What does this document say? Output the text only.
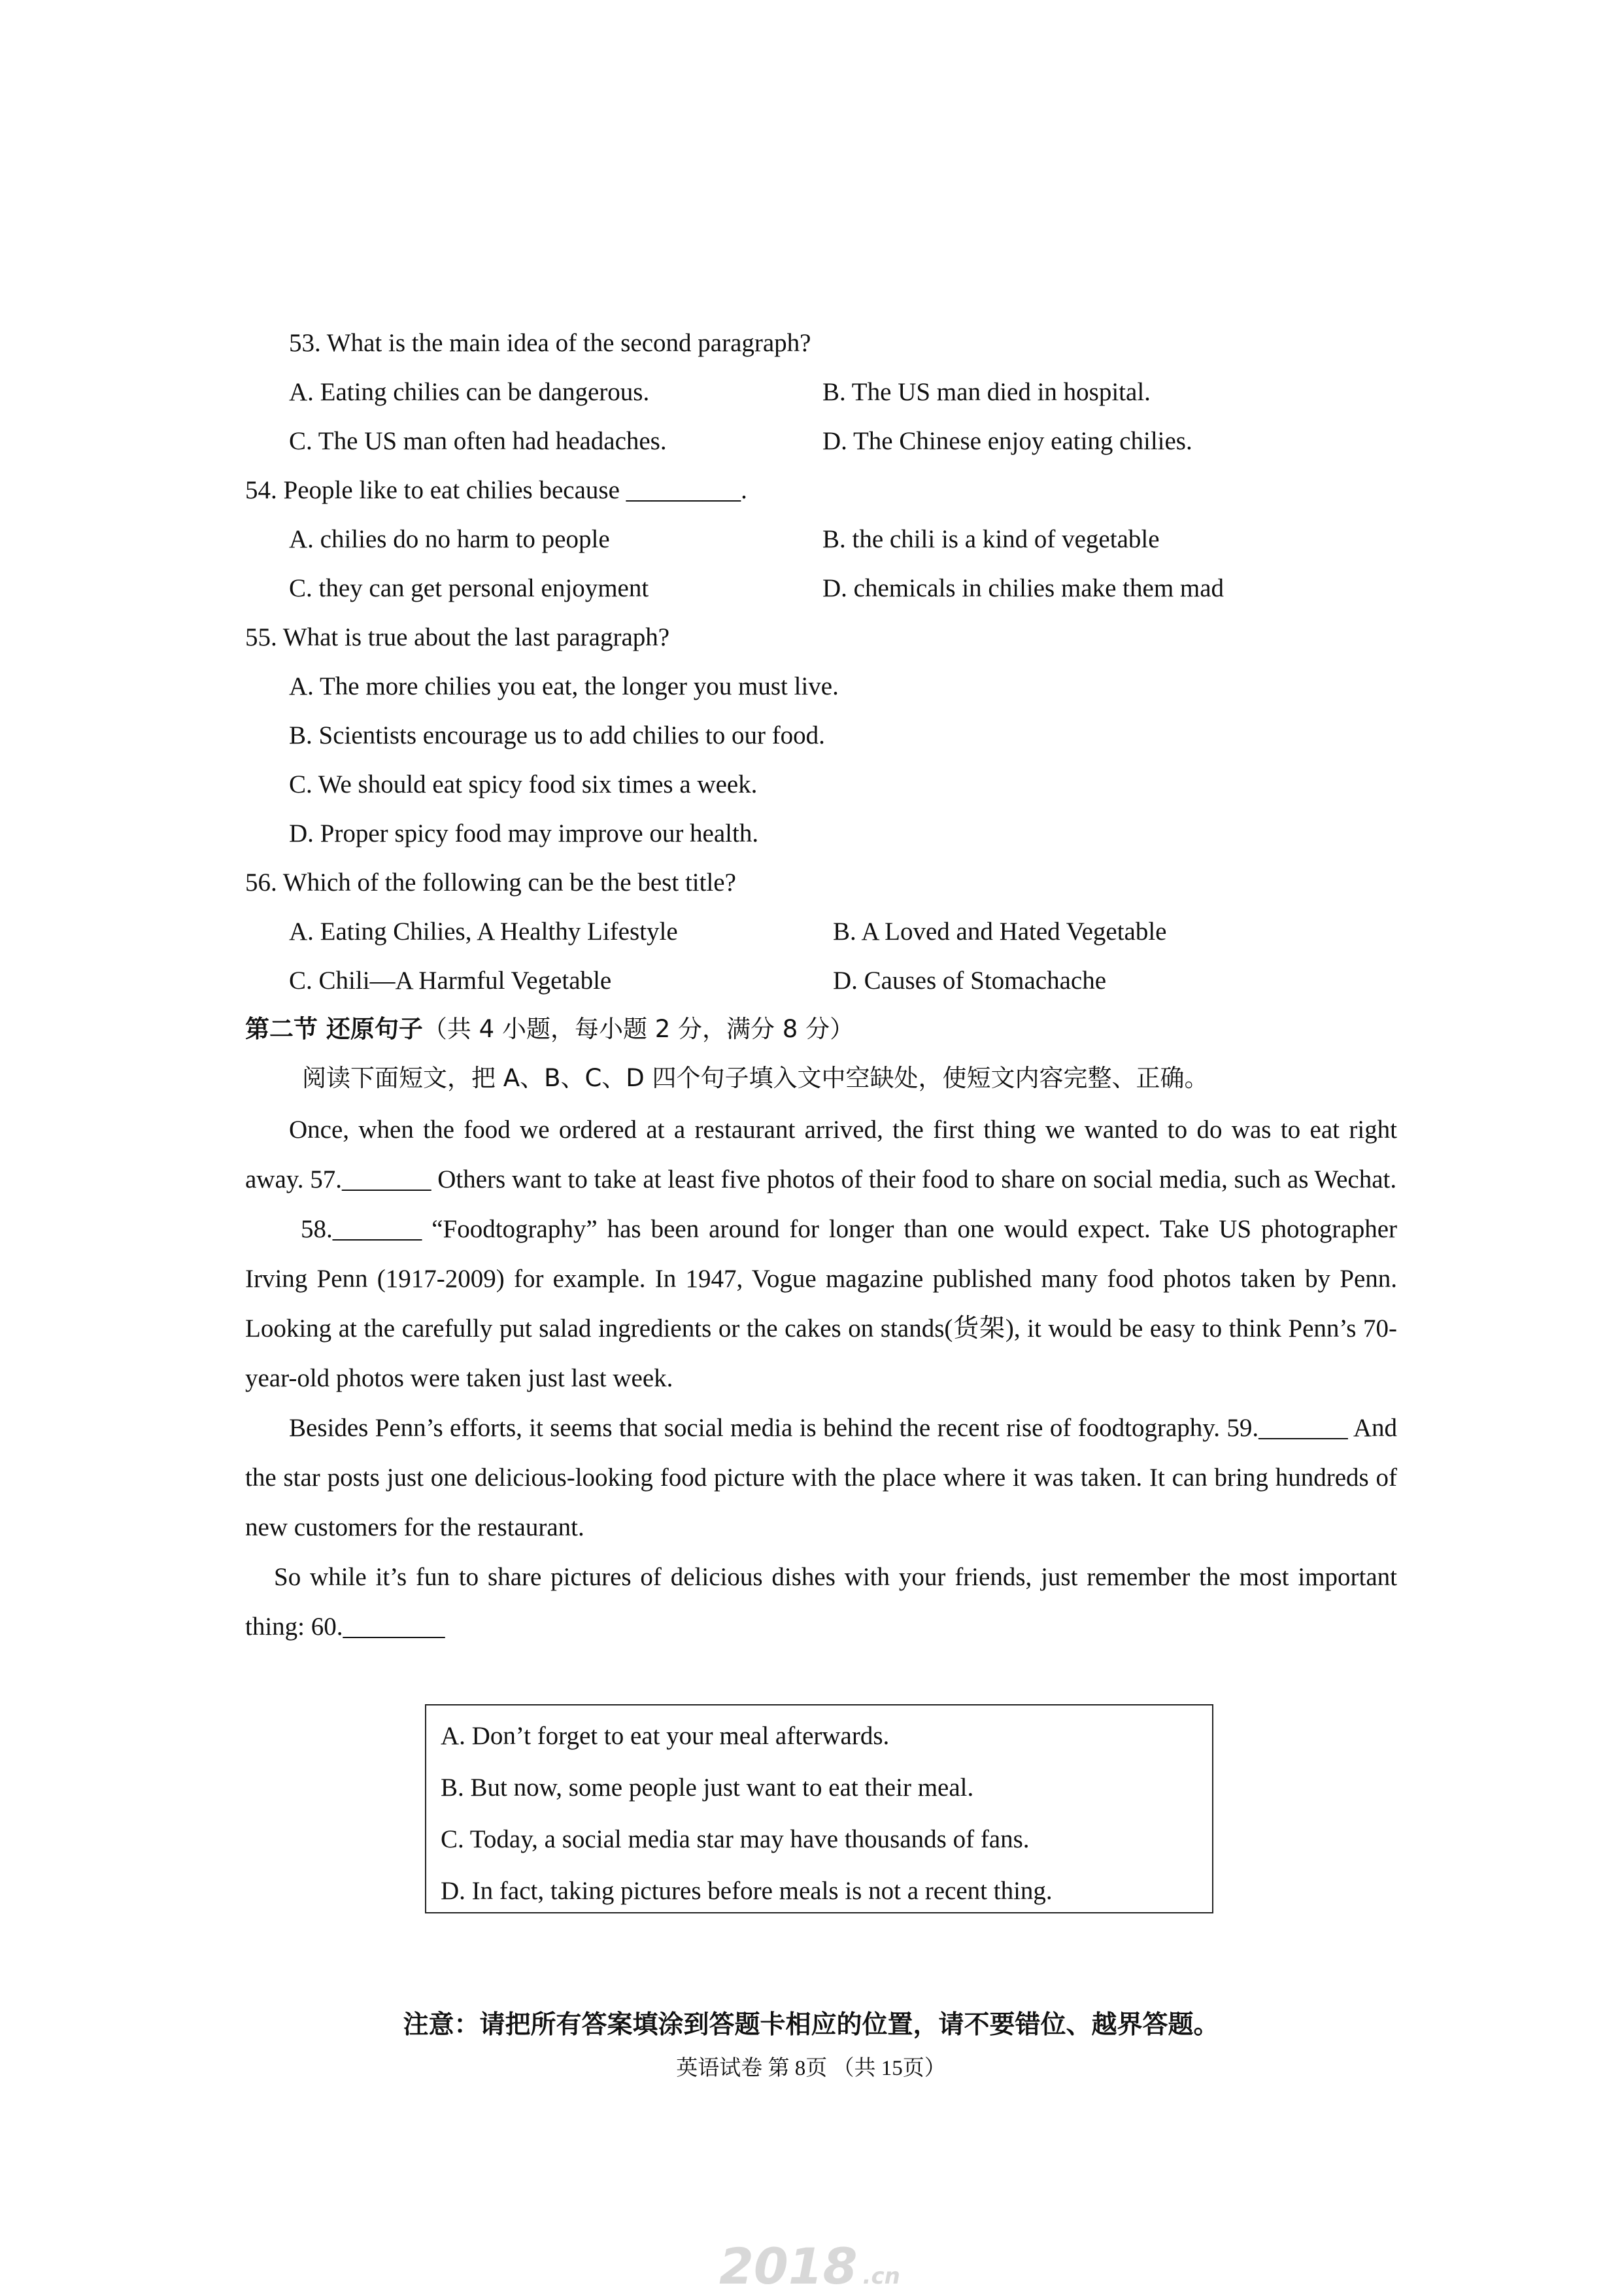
53. What is the main idea of the second paragraph?
A. Eating chilies can be dangerous.	B. The US man died in hospital.
C. The US man often had headaches.	D. The Chinese enjoy eating chilies.
54. People like to eat chilies because _________.
A. chilies do no harm to people	B. the chili is a kind of vegetable
C. they can get personal enjoyment	D. chemicals in chilies make them mad
55. What is true about the last paragraph?
A. The more chilies you eat, the longer you must live.
B. Scientists encourage us to add chilies to our food.
C. We should eat spicy food six times a week.
D. Proper spicy food may improve our health.
56. Which of the following can be the best title?
A. Eating Chilies, A Healthy Lifestyle	B. A Loved and Hated Vegetable
C. Chili—A Harmful Vegetable	D. Causes of Stomachache
第二节 还原句子（共 4 小题，每小题 2 分，满分 8 分）
阅读下面短文，把 A、B、C、D 四个句子填入文中空缺处，使短文内容完整、正确。

Once, when the food we ordered at a restaurant arrived, the first thing we wanted to do was to eat right away. 57._______ Others want to take at least five photos of their food to share on social media, such as Wechat.

58._______ “Foodtography” has been around for longer than one would expect. Take US photographer Irving Penn (1917-2009) for example. In 1947, Vogue magazine published many food photos taken by Penn. Looking at the carefully put salad ingredients or the cakes on stands(货架), it would be easy to think Penn’s 70-year-old photos were taken just last week.

Besides Penn’s efforts, it seems that social media is behind the recent rise of foodtography. 59._______ And the star posts just one delicious-looking food picture with the place where it was taken. It can bring hundreds of new customers for the restaurant.

So while it’s fun to share pictures of delicious dishes with your friends, just remember the most important thing: 60.________

A. Don’t forget to eat your meal afterwards.
B. But now, some people just want to eat their meal.
C. Today, a social media star may have thousands of fans.
D. In fact, taking pictures before meals is not a recent thing.
注意：请把所有答案填涂到答题卡相应的位置，请不要错位、越界答题。
英语试卷 第 8页 （共 15页）
2018 .cn
